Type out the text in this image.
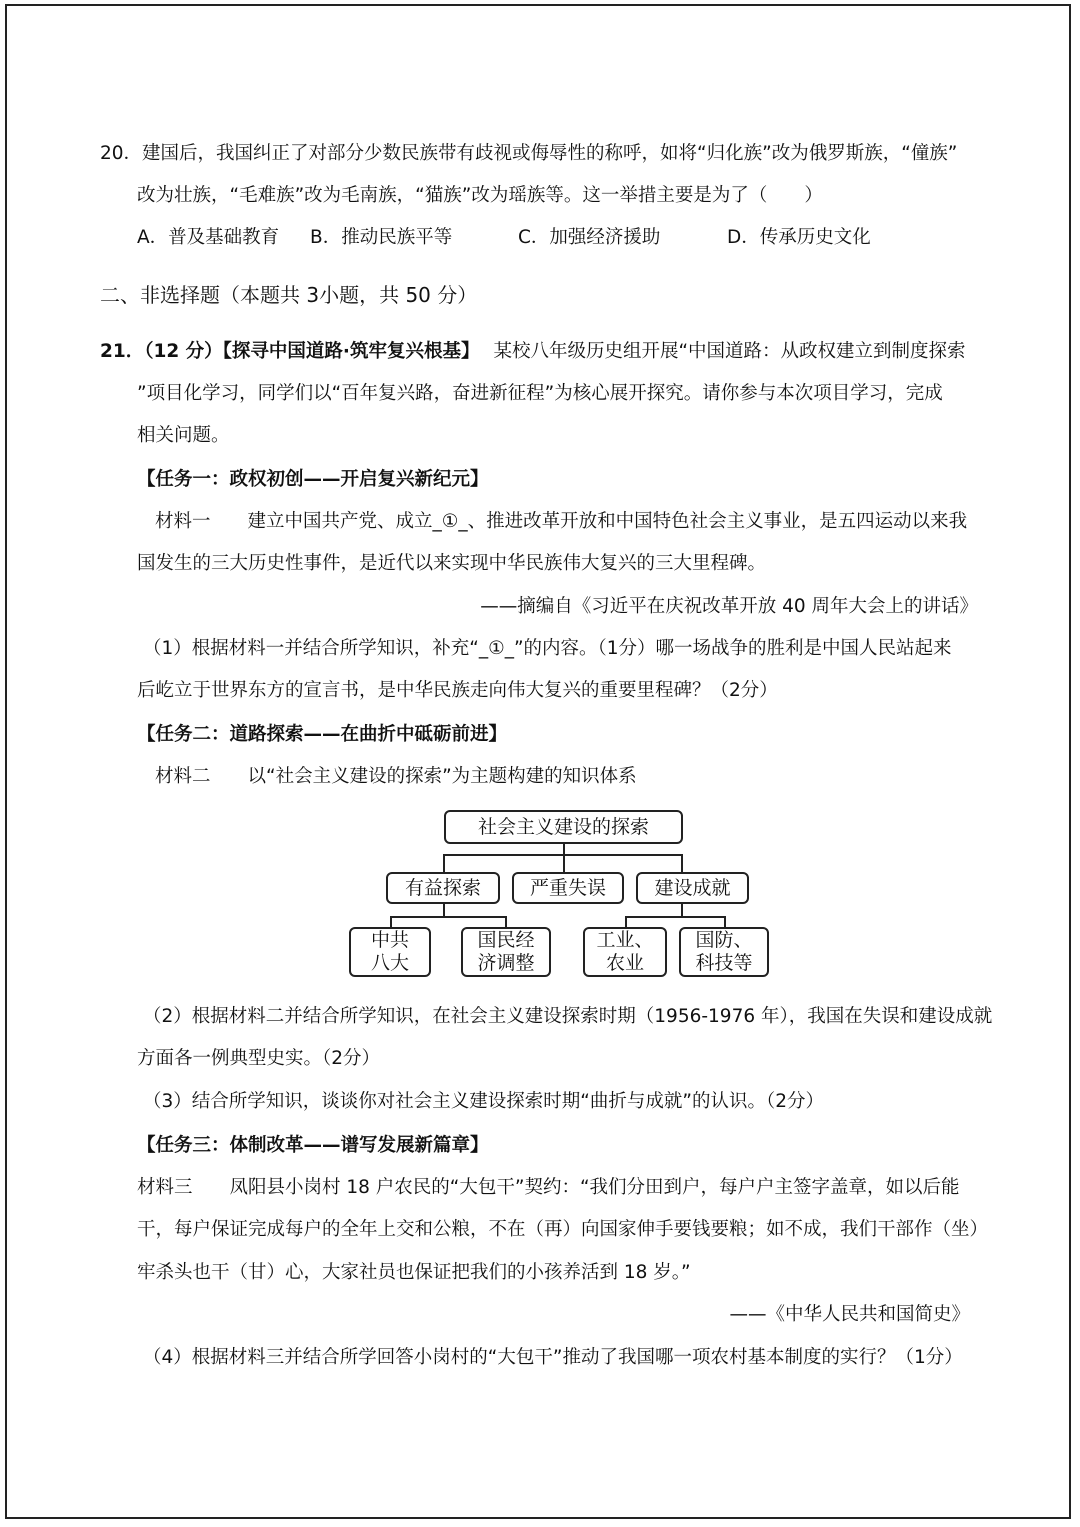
20．建国后，我国纠正了对部分少数民族带有歧视或侮辱性的称呼，如将“归化族”改为俄罗斯族，“僮族”
改为壮族，“毛难族”改为毛南族，“猫族”改为瑶族等。这一举措主要是为了（　　）
A．普及基础教育 B．推动民族平等	C．加强经济援助	D．传承历史文化
二、非选择题（本题共 3小题，共 50 分）
21．（12 分）【探寻中国道路·筑牢复兴根基】 某校八年级历史组开展“中国道路：从政权建立到制度探索
”项目化学习，同学们以“百年复兴路，奋进新征程”为核心展开探究。请你参与本次项目学习，完成
相关问题。
【任务一：政权初创——开启复兴新纪元】
材料一　　建立中国共产党、成立_①_、推进改革开放和中国特色社会主义事业，是五四运动以来我
国发生的三大历史性事件，是近代以来实现中华民族伟大复兴的三大里程碑。
——摘编自《习近平在庆祝改革开放 40 周年大会上的讲话》
（1）根据材料一并结合所学知识，补充“_①_”的内容。（1分）哪一场战争的胜利是中国人民站起来
后屹立于世界东方的宣言书，是中华民族走向伟大复兴的重要里程碑？（2分）
【任务二：道路探索——在曲折中砥砺前进】
材料二　　以“社会主义建设的探索”为主题构建的知识体系
社会主义建设的探索
有益探索	严重失误	建设成就
中共
八大
国民经
济调整
工业、
农业
国防、
科技等
（2）根据材料二并结合所学知识，在社会主义建设探索时期（1956-1976 年），我国在失误和建设成就
方面各一例典型史实。（2分）
（3）结合所学知识，谈谈你对社会主义建设探索时期“曲折与成就”的认识。（2分）
【任务三：体制改革——谱写发展新篇章】
材料三　　凤阳县小岗村 18 户农民的“大包干”契约：“我们分田到户，每户户主签字盖章，如以后能
干，每户保证完成每户的全年上交和公粮，不在（再）向国家伸手要钱要粮；如不成，我们干部作（坐）
牢杀头也干（甘）心，大家社员也保证把我们的小孩养活到 18 岁。”
——《中华人民共和国简史》
（4）根据材料三并结合所学回答小岗村的“大包干”推动了我国哪一项农村基本制度的实行？（1分）
